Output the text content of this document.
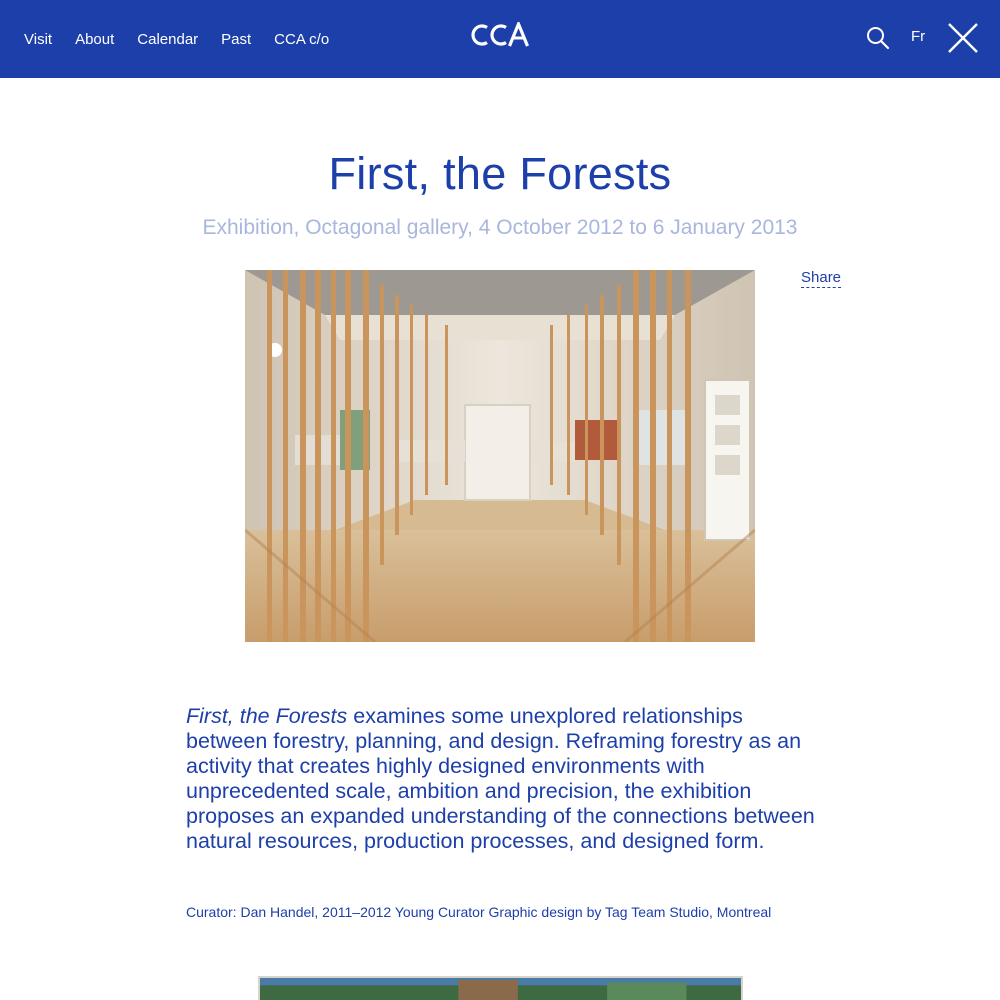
Visit About Calendar Past CCA c/o	Fr
First, the Forests
Exhibition, Octagonal gallery, 4 October 2012 to 6 January 2013
Share

First, the Forests examines some unexplored relationships between forestry, planning, and design. Reframing forestry as an activity that creates highly designed environments with unprecedented scale, ambition and precision, the exhibition proposes an expanded understanding of the connections between natural resources, production processes, and designed form.

Curator: Dan Handel, 2011–2012 Young Curator Graphic design by Tag Team Studio, Montreal
